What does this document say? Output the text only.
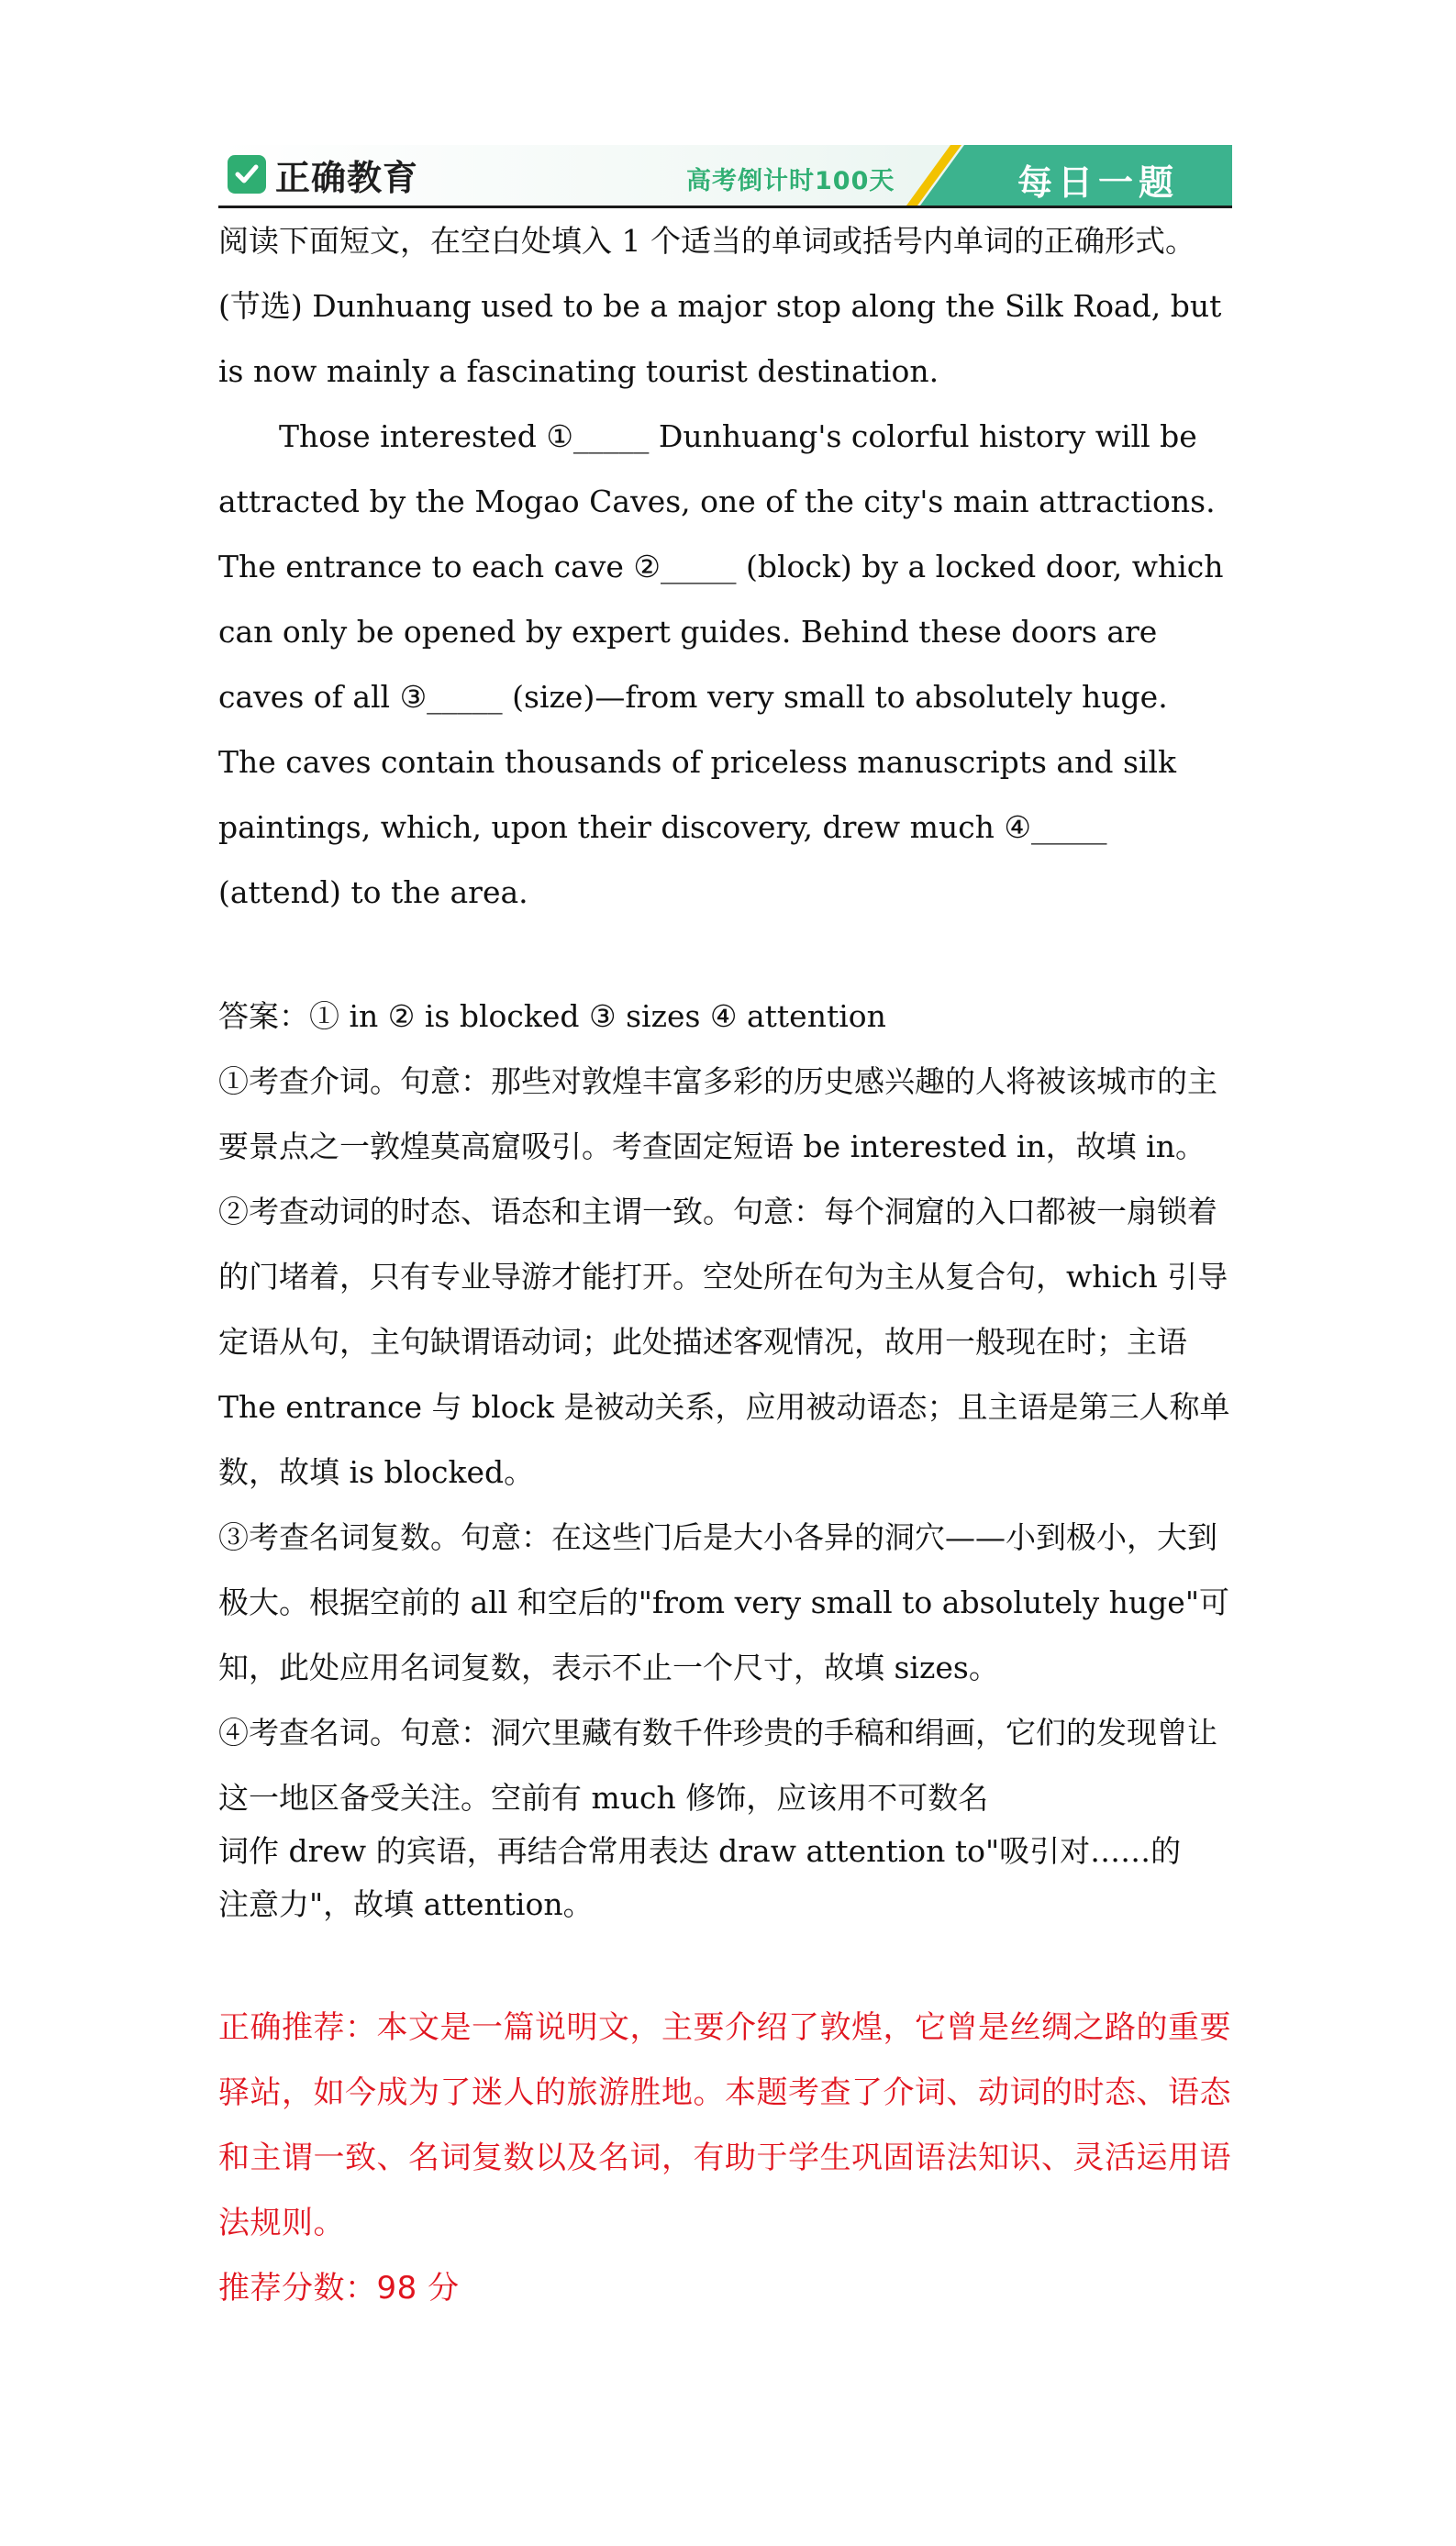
正确教育	高考倒计时100天	每日一题

阅读下面短文，在空白处填入 1 个适当的单词或括号内单词的正确形式。

(节选) Dunhuang used to be a major stop along the Silk Road, but is now mainly a fascinating tourist destination.

Those interested ①_____ Dunhuang's colorful history will be attracted by the Mogao Caves, one of the city's main attractions. The entrance to each cave ②_____ (block) by a locked door, which can only be opened by expert guides. Behind these doors are caves of all ③_____ (size)—from very small to absolutely huge. The caves contain thousands of priceless manuscripts and silk paintings, which, upon their discovery, drew much ④_____ (attend) to the area.

答案：① in ② is blocked ③ sizes ④ attention

①考查介词。句意：那些对敦煌丰富多彩的历史感兴趣的人将被该城市的主要景点之一敦煌莫高窟吸引。考查固定短语 be interested in，故填 in。

②考查动词的时态、语态和主谓一致。句意：每个洞窟的入口都被一扇锁着的门堵着，只有专业导游才能打开。空处所在句为主从复合句，which 引导定语从句，主句缺谓语动词；此处描述客观情况，故用一般现在时；主语 The entrance 与 block 是被动关系，应用被动语态；且主语是第三人称单数，故填 is blocked。

③考查名词复数。句意：在这些门后是大小各异的洞穴——小到极小，大到极大。根据空前的 all 和空后的"from very small to absolutely huge"可知，此处应用名词复数，表示不止一个尺寸，故填 sizes。

④考查名词。句意：洞穴里藏有数千件珍贵的手稿和绢画，它们的发现曾让这一地区备受关注。空前有 much 修饰，应该用不可数名

词作 drew 的宾语，再结合常用表达 draw attention to"吸引对……的

注意力"，故填 attention。

正确推荐：本文是一篇说明文，主要介绍了敦煌，它曾是丝绸之路的重要驿站，如今成为了迷人的旅游胜地。本题考查了介词、动词的时态、语态和主谓一致、名词复数以及名词，有助于学生巩固语法知识、灵活运用语法规则。

推荐分数：98 分
